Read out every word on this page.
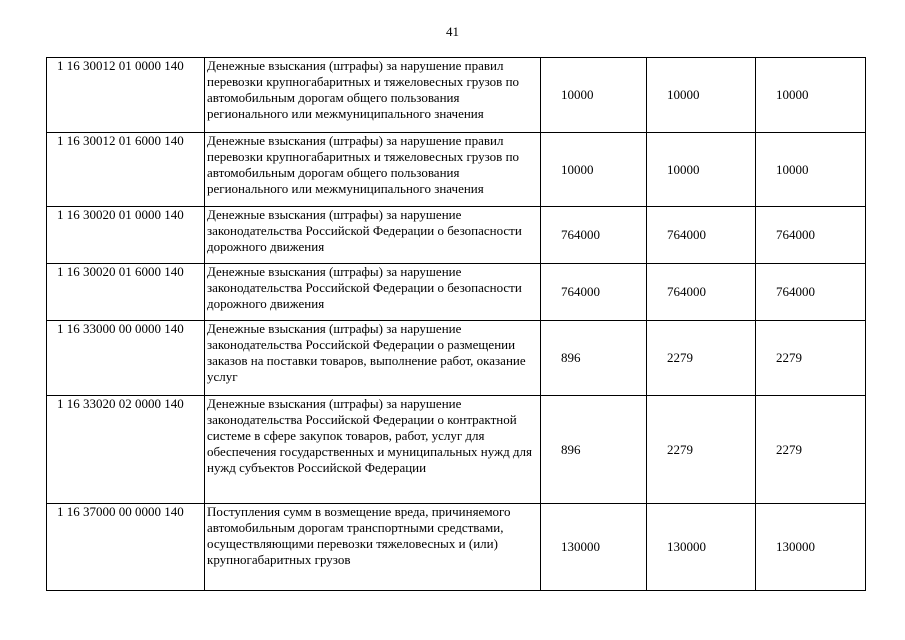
41
1 16 30012 01 0000 140	Денежные взыскания (штрафы) за нарушение правил перевозки крупногабаритных и тяжеловесных грузов по автомобильным дорогам общего пользования регионального или межмуниципального значения	10000	10000	10000
1 16 30012 01 6000 140	Денежные взыскания (штрафы) за нарушение правил перевозки крупногабаритных и тяжеловесных грузов по автомобильным дорогам общего пользования регионального или межмуниципального значения	10000	10000	10000
1 16 30020 01 0000 140	Денежные взыскания (штрафы) за нарушение законодательства Российской Федерации о безопасности дорожного движения	764000	764000	764000
1 16 30020 01 6000 140	Денежные взыскания (штрафы) за нарушение законодательства Российской Федерации о безопасности дорожного движения	764000	764000	764000
1 16 33000 00 0000 140	Денежные взыскания (штрафы) за нарушение законодательства Российской Федерации о размещении заказов на поставки товаров, выполнение работ, оказание услуг	896	2279	2279
1 16 33020 02 0000 140	Денежные взыскания (штрафы) за нарушение законодательства Российской Федерации о контрактной системе в сфере закупок товаров, работ, услуг для обеспечения государственных и муниципальных нужд для нужд субъектов Российской Федерации	896	2279	2279
1 16 37000 00 0000 140	Поступления сумм в возмещение вреда, причиняемого автомобильным дорогам транспортными средствами, осуществляющими перевозки тяжеловесных и (или) крупногабаритных грузов	130000	130000	130000
